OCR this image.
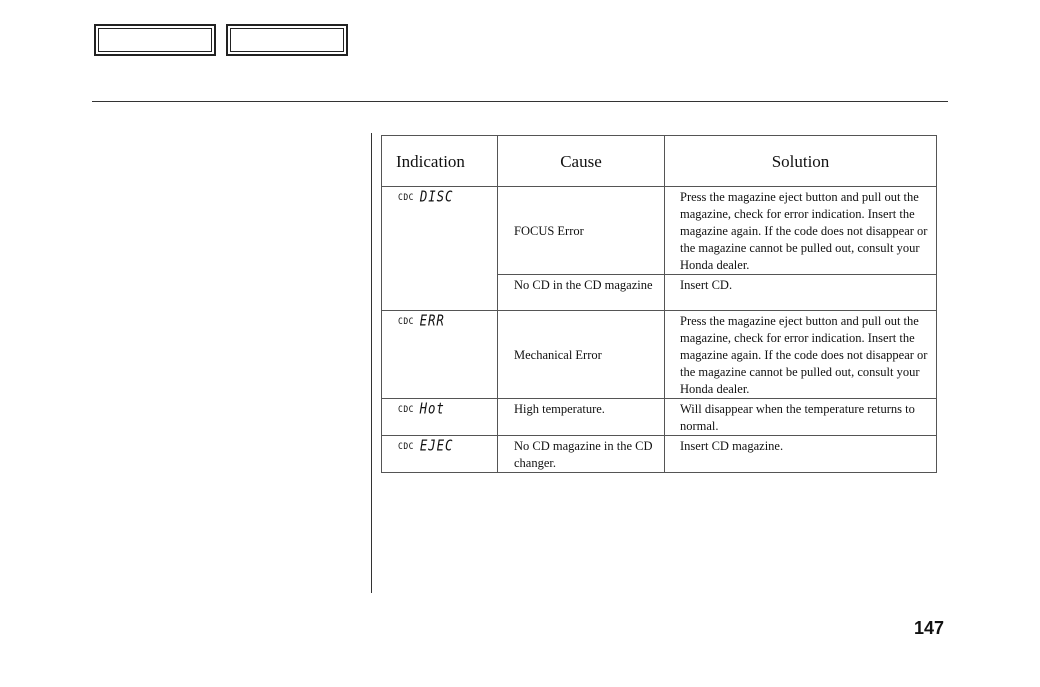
Indication	Cause	Solution

CDC DISC	FOCUS Error	Press the magazine eject button and pull out the magazine, check for error indication. Insert the magazine again. If the code does not disappear or the magazine cannot be pulled out, consult your Honda dealer.
	No CD in the CD magazine	Insert CD.

CDC ERR	Mechanical Error	Press the magazine eject button and pull out the magazine, check for error indication. Insert the magazine again. If the code does not disappear or the magazine cannot be pulled out, consult your Honda dealer.

CDC Hot	High temperature.	Will disappear when the temperature returns to normal.

CDC EJEC	No CD magazine in the CD changer.	Insert CD magazine.
147
